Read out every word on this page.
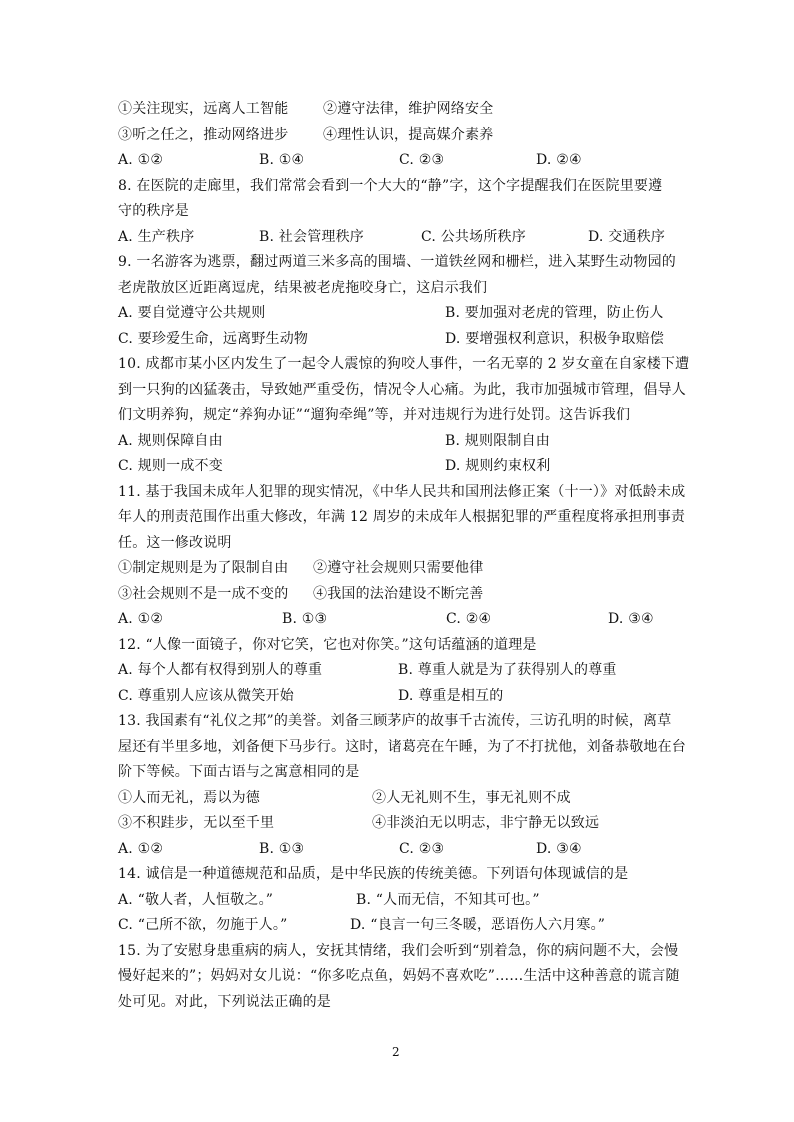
①关注现实，远离人工智能 ②遵守法律，维护网络安全
③听之任之，推动网络进步 ④理性认识，提高媒介素养
A. ①②	B. ①④	C. ②③	D. ②④
8. 在医院的走廊里，我们常常会看到一个大大的“静”字，这个字提醒我们在医院里要遵
守的秩序是
A. 生产秩序	B. 社会管理秩序	C. 公共场所秩序	D. 交通秩序
9. 一名游客为逃票，翻过两道三米多高的围墙、一道铁丝网和栅栏，进入某野生动物园的
老虎散放区近距离逗虎，结果被老虎拖咬身亡，这启示我们
A. 要自觉遵守公共规则	B. 要加强对老虎的管理，防止伤人
C. 要珍爱生命，远离野生动物	D. 要增强权利意识，积极争取赔偿
10. 成都市某小区内发生了一起令人震惊的狗咬人事件，一名无辜的 2 岁女童在自家楼下遭
到一只狗的凶猛袭击，导致她严重受伤，情况令人心痛。为此，我市加强城市管理，倡导人
们文明养狗，规定“养狗办证”“遛狗牵绳”等，并对违规行为进行处罚。这告诉我们
A. 规则保障自由	B. 规则限制自由
C. 规则一成不变	D. 规则约束权利
11. 基于我国未成年人犯罪的现实情况，《中华人民共和国刑法修正案（十一）》对低龄未成
年人的刑责范围作出重大修改，年满 12 周岁的未成年人根据犯罪的严重程度将承担刑事责
任。这一修改说明
①制定规则是为了限制自由 ②遵守社会规则只需要他律
③社会规则不是一成不变的 ④我国的法治建设不断完善
A. ①②	B. ①③	C. ②④	D. ③④
12. “人像一面镜子，你对它笑，它也对你笑。”这句话蕴涵的道理是
A. 每个人都有权得到别人的尊重	B. 尊重人就是为了获得别人的尊重
C. 尊重别人应该从微笑开始	D. 尊重是相互的
13. 我国素有“礼仪之邦”的美誉。刘备三顾茅庐的故事千古流传，三访孔明的时候，离草
屋还有半里多地，刘备便下马步行。这时，诸葛亮在午睡，为了不打扰他，刘备恭敬地在台
阶下等候。下面古语与之寓意相同的是
①人而无礼，焉以为德	②人无礼则不生，事无礼则不成
③不积跬步，无以至千里	④非淡泊无以明志，非宁静无以致远
A. ①②	B. ①③	C. ②③	D. ③④
14. 诚信是一种道德规范和品质，是中华民族的传统美德。下列语句体现诚信的是
A. “敬人者，人恒敬之。”	B. “人而无信，不知其可也。”
C. “己所不欲，勿施于人。”	D. “良言一句三冬暖，恶语伤人六月寒。”
15. 为了安慰身患重病的病人，安抚其情绪，我们会听到“别着急，你的病问题不大，会慢
慢好起来的”；妈妈对女儿说：“你多吃点鱼，妈妈不喜欢吃”……生活中这种善意的谎言随
处可见。对此，下列说法正确的是
2
